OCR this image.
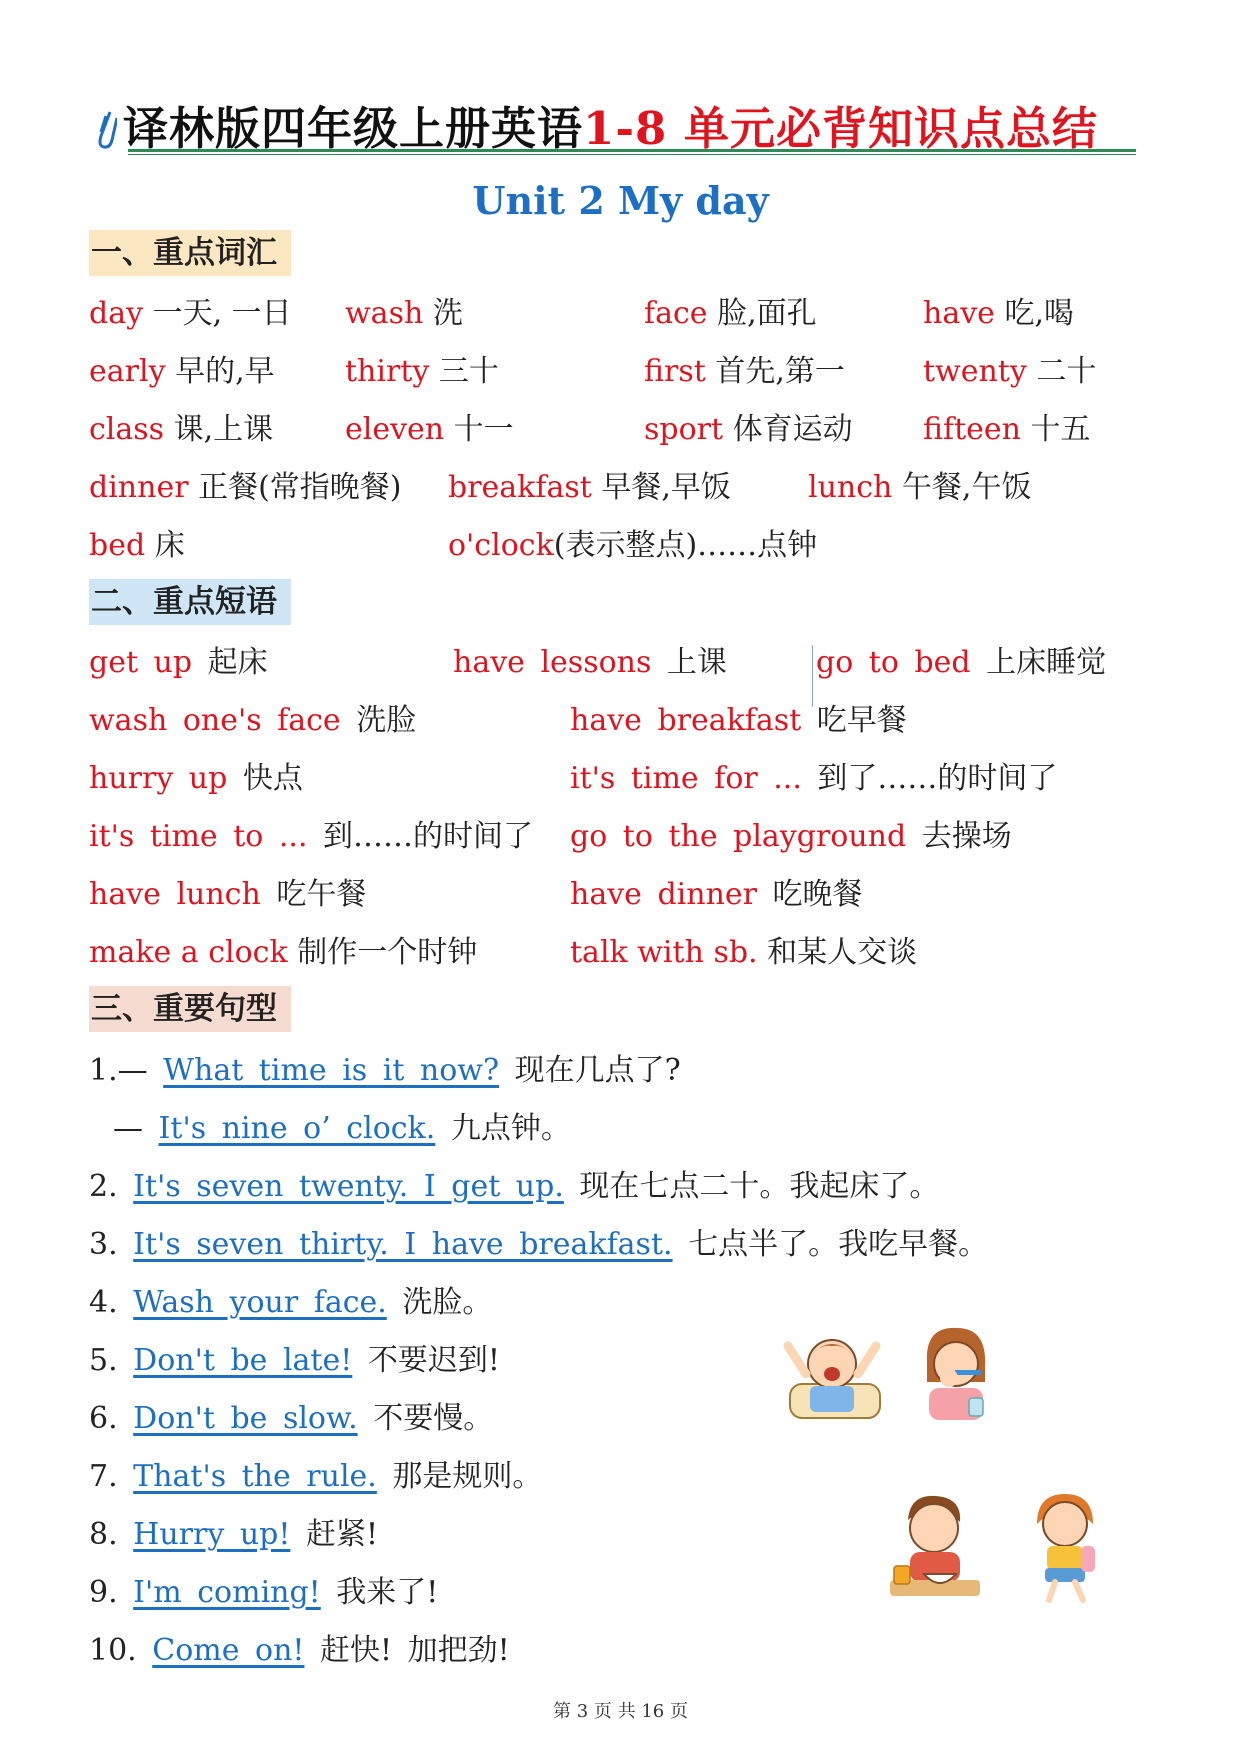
译林版四年级上册英语1-8 单元必背知识点总结
Unit 2 My day
一、重点词汇
day 一天, 一日 wash 洗	face 脸,面孔	have 吃,喝
early 早的,早 thirty 三十	first 首先,第一	twenty 二十
class 课,上课 eleven 十一	sport 体育运动 fifteen 十五
dinner 正餐(常指晚餐) breakfast 早餐,早饭	lunch 午餐,午饭
bed 床	o'clock(表示整点)……点钟
二、重点短语
get up 起床	have lessons 上课	go to bed 上床睡觉
wash one's face 洗脸	have breakfast 吃早餐
hurry up 快点	it's time for ... 到了……的时间了
it's time to ... 到……的时间了 go to the playground 去操场
have lunch 吃午餐	have dinner 吃晚餐
make a clock 制作一个时钟	talk with sb. 和某人交谈
三、重要句型
1.— What time is it now? 现在几点了?
— It's nine o’ clock. 九点钟。
2. It's seven twenty. I get up. 现在七点二十。我起床了。
3. It's seven thirty. I have breakfast. 七点半了。我吃早餐。
4. Wash your face. 洗脸。
5. Don't be late! 不要迟到!
6. Don't be slow. 不要慢。
7. That's the rule. 那是规则。
8. Hurry up! 赶紧!
9. I'm coming! 我来了!
10. Come on! 赶快! 加把劲!
第 3 页 共 16 页
